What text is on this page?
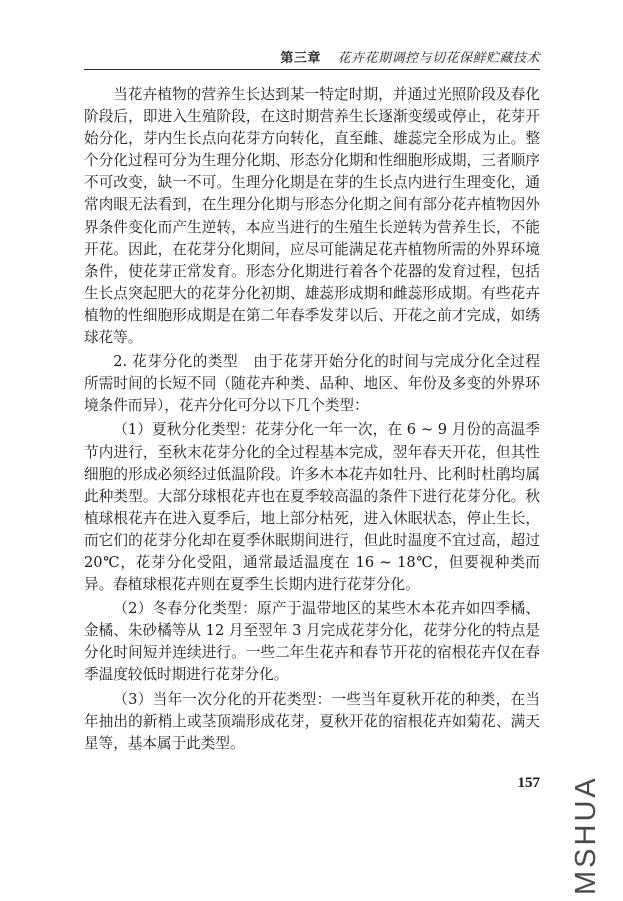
第三章 花卉花期调控与切花保鲜贮藏技术

当花卉植物的营养生长达到某一特定时期，并通过光照阶段及春化阶段后，即进入生殖阶段，在这时期营养生长逐渐变缓或停止，花芽开始分化，芽内生长点向花芽方向转化，直至雌、雄蕊完全形成为止。整个分化过程可分为生理分化期、形态分化期和性细胞形成期，三者顺序不可改变，缺一不可。生理分化期是在芽的生长点内进行生理变化，通常肉眼无法看到，在生理分化期与形态分化期之间有部分花卉植物因外界条件变化而产生逆转，本应当进行的生殖生长逆转为营养生长，不能开花。因此，在花芽分化期间，应尽可能满足花卉植物所需的外界环境条件，使花芽正常发育。形态分化期进行着各个花器的发育过程，包括生长点突起肥大的花芽分化初期、雄蕊形成期和雌蕊形成期。有些花卉植物的性细胞形成期是在第二年春季发芽以后、开花之前才完成，如绣球花等。

2. 花芽分化的类型　由于花芽开始分化的时间与完成分化全过程所需时间的长短不同（随花卉种类、品种、地区、年份及多变的外界环境条件而异），花卉分化可分以下几个类型：

（1）夏秋分化类型：花芽分化一年一次，在 6 ~ 9 月份的高温季节内进行，至秋末花芽分化的全过程基本完成，翌年春天开花，但其性细胞的形成必须经过低温阶段。许多木本花卉如牡丹、比利时杜鹃均属此种类型。大部分球根花卉也在夏季较高温的条件下进行花芽分化。秋植球根花卉在进入夏季后，地上部分枯死，进入休眠状态，停止生长，而它们的花芽分化却在夏季休眠期间进行，但此时温度不宜过高，超过 20℃，花芽分化受阻，通常最适温度在 16 ~ 18℃，但要视种类而异。春植球根花卉则在夏季生长期内进行花芽分化。

（2）冬春分化类型：原产于温带地区的某些木本花卉如四季橘、金橘、朱砂橘等从 12 月至翌年 3 月完成花芽分化，花芽分化的特点是分化时间短并连续进行。一些二年生花卉和春节开花的宿根花卉仅在春季温度较低时期进行花芽分化。

（3）当年一次分化的开花类型：一些当年夏秋开花的种类，在当年抽出的新梢上或茎顶端形成花芽，夏秋开花的宿根花卉如菊花、满天星等，基本属于此类型。

157 MSHUA
